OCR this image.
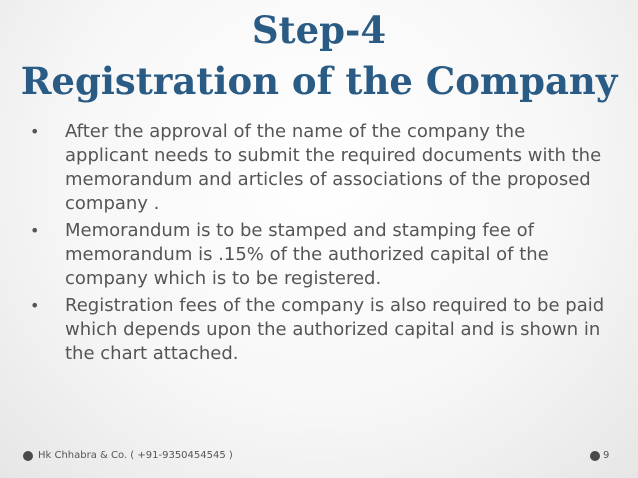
Step-4
Registration of the Company
• After the approval of the name of the company the applicant needs to submit the required documents with the memorandum and articles of associations of the proposed company .
• Memorandum is to be stamped and stamping fee of memorandum is .15% of the authorized capital of the company which is to be registered.
• Registration fees of the company is also required to be paid which depends upon the authorized capital and is shown in the chart attached.
Hk Chhabra & Co. ( +91-9350454545 )	9
